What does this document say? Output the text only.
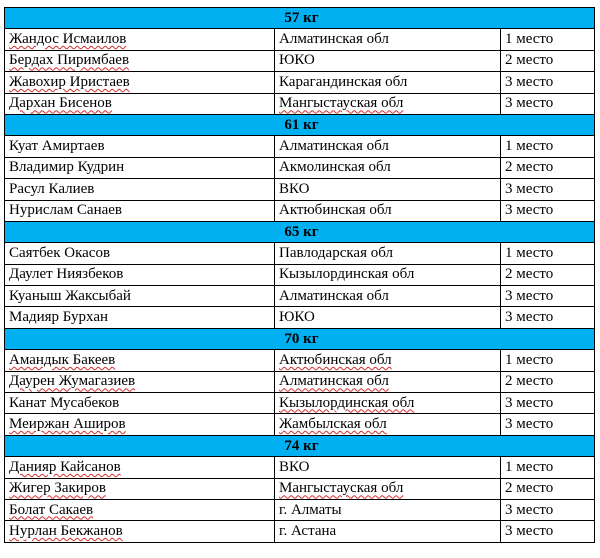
57 кг		
Жандос Исмаилов	Алматинская обл	1 место
Бердах Пиримбаев	ЮКО	2 место
Жавохир Иристаев	Карагандинская обл	3 место
Дархан Бисенов	Мангыстауская обл	3 место
61 кг		
Куат Амиртаев	Алматинская обл	1 место
Владимир Кудрин	Акмолинская обл	2 место
Расул Калиев	ВКО	3 место
Нурислам Санаев	Актюбинская обл	3 место
65 кг		
Саятбек Окасов	Павлодарская обл	1 место
Даулет Ниязбеков	Кызылординская обл	2 место
Куаныш Жаксыбай	Алматинская обл	3 место
Мадияр Бурхан	ЮКО	3 место
70 кг		
Амандык Бакеев	Актюбинская обл	1 место
Даурен Жумагазиев	Алматинская обл	2 место
Канат Мусабеков	Кызылординская обл	3 место
Меиржан Аширов	Жамбылская обл	3 место
74 кг		
Данияр Кайсанов	ВКО	1 место
Жигер Закиров	Мангыстауская обл	2 место
Болат Сакаев	г. Алматы	3 место
Нурлан Бекжанов	г. Астана	3 место
